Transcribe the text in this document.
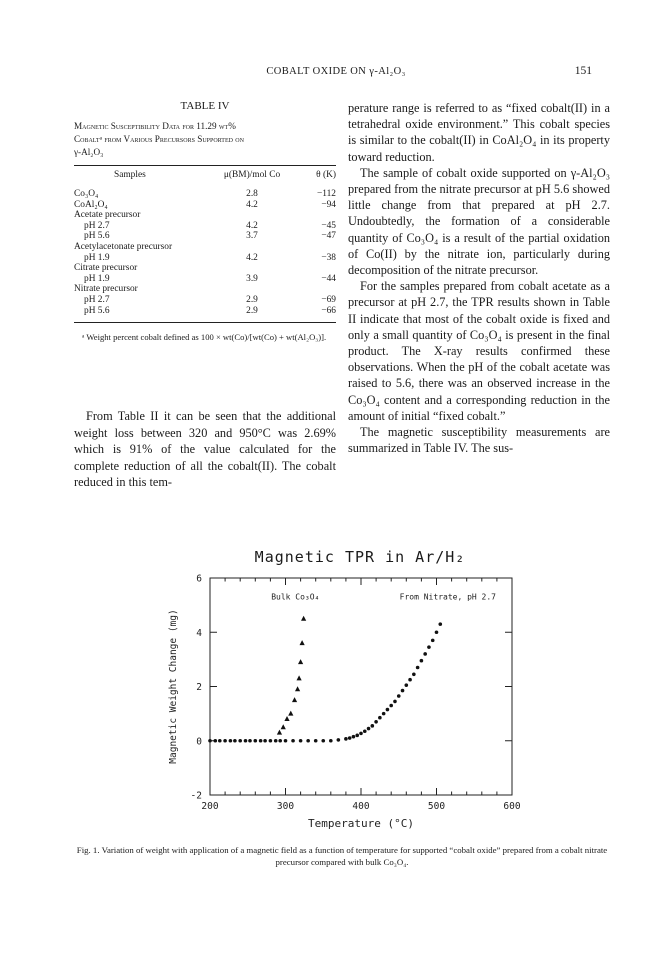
COBALT OXIDE ON γ-Al₂O₃	151
TABLE IV
Magnetic Susceptibility Data for 11.29 wt%
Cobaltᵃ from Various Precursors Supported on
γ-Al₂O₃
Samples	μ(BM)/mol Co	θ (K)
Co₃O₄	2.8	−112
CoAl₂O₄	4.2	−94
Acetate precursor		
pH 2.7	4.2	−45
pH 5.6	3.7	−47
Acetylacetonate precursor		
pH 1.9	4.2	−38
Citrate precursor		
pH 1.9	3.9	−44
Nitrate precursor		
pH 2.7	2.9	−69
pH 5.6	2.9	−66
ᵃ Weight percent cobalt defined as 100 × wt(Co)/[wt(Co) + wt(Al₂O₃)].

From Table II it can be seen that the additional weight loss between 320 and 950°C was 2.69% which is 91% of the value calculated for the complete reduction of all the cobalt(II). The cobalt reduced in this tem-

perature range is referred to as “fixed cobalt(II) in a tetrahedral oxide environment.” This cobalt species is similar to the cobalt(II) in CoAl₂O₄ in its property toward reduction.

The sample of cobalt oxide supported on γ-Al₂O₃ prepared from the nitrate precursor at pH 5.6 showed little change from that prepared at pH 2.7. Undoubtedly, the formation of a considerable quantity of Co₃O₄ is a result of the partial oxidation of Co(II) by the nitrate ion, particularly during decomposition of the nitrate precursor.

For the samples prepared from cobalt acetate as a precursor at pH 2.7, the TPR results shown in Table II indicate that most of the cobalt oxide is fixed and only a small quantity of Co₃O₄ is present in the final product. The X-ray results confirmed these observations. When the pH of the cobalt acetate was raised to 5.6, there was an observed increase in the Co₃O₄ content and a corresponding reduction in the amount of initial “fixed cobalt.”

The magnetic susceptibility measurements are summarized in Table IV. The sus-

Magnetic TPR in Ar/H₂
200	300	400	500	600
6
4
2
0
-2
Temperature (°C)
Magnetic Weight Change (mg)
Bulk Co₃O₄	From Nitrate, pH 2.7
Fig. 1. Variation of weight with application of a magnetic field as a function of temperature for supported “cobalt oxide” prepared from a cobalt nitrate precursor compared with bulk Co₃O₄.
